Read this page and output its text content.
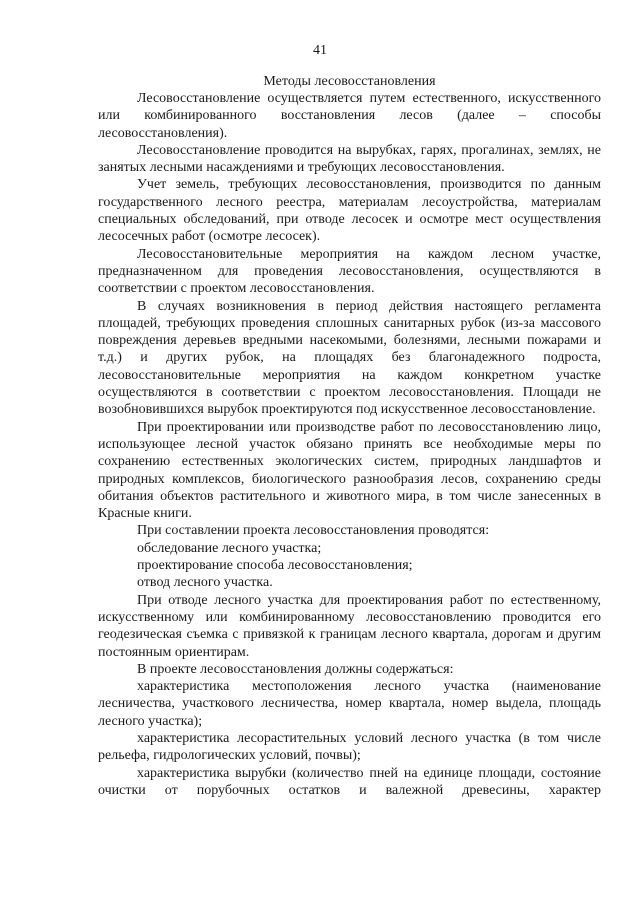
41

Методы лесовосстановления

Лесовосстановление осуществляется путем естественного, искусственного или комбинированного восстановления лесов (далее – способы лесовосстановления).

Лесовосстановление проводится на вырубках, гарях, прогалинах, землях, не занятых лесными насаждениями и требующих лесовосстановления.

Учет земель, требующих лесовосстановления, производится по данным государственного лесного реестра, материалам лесоустройства, материалам специальных обследований, при отводе лесосек и осмотре мест осуществления лесосечных работ (осмотре лесосек).

Лесовосстановительные мероприятия на каждом лесном участке, предназначенном для проведения лесовосстановления, осуществляются в соответствии с проектом лесовосстановления.

В случаях возникновения в период действия настоящего регламента площадей, требующих проведения сплошных санитарных рубок (из-за массового повреждения деревьев вредными насекомыми, болезнями, лесными пожарами и т.д.) и других рубок, на площадях без благонадежного подроста, лесовосстановительные мероприятия на каждом конкретном участке осуществляются в соответствии с проектом лесовосстановления. Площади не возобновившихся вырубок проектируются под искусственное лесовосстановление.

При проектировании или производстве работ по лесовосстановлению лицо, использующее лесной участок обязано принять все необходимые меры по сохранению естественных экологических систем, природных ландшафтов и природных комплексов, биологического разнообразия лесов, сохранению среды обитания объектов растительного и животного мира, в том числе занесенных в Красные книги.

При составлении проекта лесовосстановления проводятся:

обследование лесного участка;

проектирование способа лесовосстановления;

отвод лесного участка.

При отводе лесного участка для проектирования работ по естественному, искусственному или комбинированному лесовосстановлению проводится его геодезическая съемка с привязкой к границам лесного квартала, дорогам и другим постоянным ориентирам.

В проекте лесовосстановления должны содержаться:

характеристика местоположения лесного участка (наименование лесничества, участкового лесничества, номер квартала, номер выдела, площадь лесного участка);

характеристика лесорастительных условий лесного участка (в том числе рельефа, гидрологических условий, почвы);

характеристика вырубки (количество пней на единице площади, состояние очистки от порубочных остатков и валежной древесины, характер
